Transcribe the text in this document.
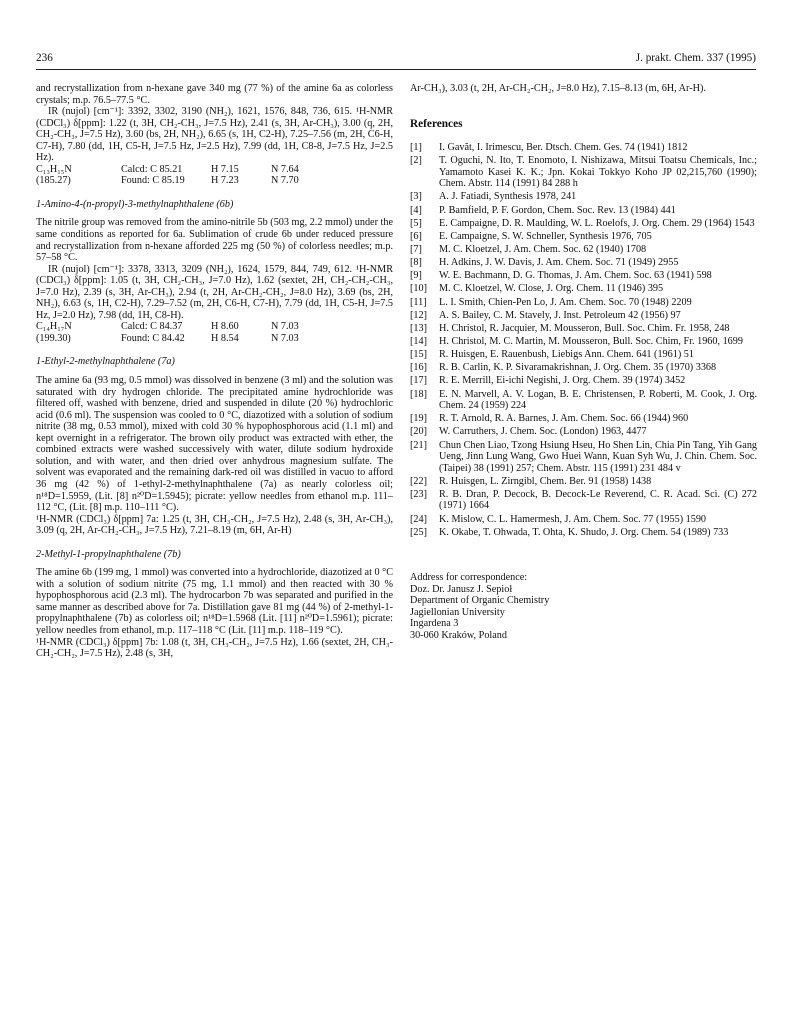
236	J. prakt. Chem. 337 (1995)

and recrystallization from n-hexane gave 340 mg (77 %) of the amine 6a as colorless crystals; m.p. 76.5–77.5 °C.

IR (nujol) [cm⁻¹]: 3392, 3302, 3190 (NH₂), 1621, 1576, 848, 736, 615. ¹H-NMR (CDCl₃) δ[ppm]: 1.22 (t, 3H, CH₂-CH₃, J=7.5 Hz), 2.41 (s, 3H, Ar-CH₃), 3.00 (q, 2H, CH₂-CH₃, J=7.5 Hz), 3.60 (bs, 2H, NH₂), 6.65 (s, 1H, C2-H), 7.25–7.56 (m, 2H, C6-H, C7-H), 7.80 (dd, 1H, C5-H, J=7.5 Hz, J=2.5 Hz), 7.99 (dd, 1H, C8-8, J=7.5 Hz, J=2.5 Hz).

C₁₃H₁₅N	Calcd: C 85.21	H 7.15	N 7.64
(185.27)	Found: C 85.19	H 7.23	N 7.70

1-Amino-4-(n-propyl)-3-methylnaphthalene (6b)

The nitrile group was removed from the amino-nitrile 5b (503 mg, 2.2 mmol) under the same conditions as reported for 6a. Sublimation of crude 6b under reduced pressure and recrystallization from n-hexane afforded 225 mg (50 %) of colorless needles; m.p. 57–58 °C.

IR (nujol) [cm⁻¹]: 3378, 3313, 3209 (NH₂), 1624, 1579, 844, 749, 612. ¹H-NMR (CDCl₃) δ[ppm]: 1.05 (t, 3H, CH₂-CH₃, J=7.0 Hz), 1.62 (sextet, 2H, CH₂-CH₂-CH₃, J=7.0 Hz), 2.39 (s, 3H, Ar-CH₃), 2.94 (t, 2H, Ar-CH₂-CH₂, J=8.0 Hz), 3.69 (bs, 2H, NH₂), 6.63 (s, 1H, C2-H), 7.29–7.52 (m, 2H, C6-H, C7-H), 7.79 (dd, 1H, C5-H, J=7.5 Hz, J=2.0 Hz), 7.98 (dd, 1H, C8-H).

C₁₄H₁₇N	Calcd: C 84.37	H 8.60	N 7.03
(199.30)	Found: C 84.42	H 8.54	N 7.03

1-Ethyl-2-methylnaphthalene (7a)

The amine 6a (93 mg, 0.5 mmol) was dissolved in benzene (3 ml) and the solution was saturated with dry hydrogen chloride. The precipitated amine hydrochloride was filtered off, washed with benzene, dried and suspended in dilute (20 %) hydrochloric acid (0.6 ml). The suspension was cooled to 0 °C, diazotized with a solution of sodium nitrite (38 mg, 0.53 mmol), mixed with cold 30 % hypophosphorous acid (1.1 ml) and kept overnight in a refrigerator. The brown oily product was extracted with ether, the combined extracts were washed successively with water, dilute sodium hydroxide solution, and with water, and then dried over anhydrous magnesium sulfate. The solvent was evaporated and the remaining dark-red oil was distilled in vacuo to afford 36 mg (42 %) of 1-ethyl-2-methylnaphthalene (7a) as nearly colorless oil; n¹⁸D=1.5959, (Lit. [8] n²⁰D=1.5945); picrate: yellow needles from ethanol m.p. 111–112 °C, (Lit. [8] m.p. 110–111 °C).

¹H-NMR (CDCl₃) δ[ppm] 7a: 1.25 (t, 3H, CH₃-CH₂, J=7.5 Hz), 2.48 (s, 3H, Ar-CH₃), 3.09 (q, 2H, Ar-CH₂-CH₃, J=7.5 Hz), 7.21–8.19 (m, 6H, Ar-H)

2-Methyl-1-propylnaphthalene (7b)

The amine 6b (199 mg, 1 mmol) was converted into a hydrochloride, diazotized at 0 °C with a solution of sodium nitrite (75 mg, 1.1 mmol) and then reacted with 30 % hypophosphorous acid (2.3 ml). The hydrocarbon 7b was separated and purified in the same manner as described above for 7a. Distillation gave 81 mg (44 %) of 2-methyl-1-propylnaphthalene (7b) as colorless oil; n¹⁸D=1.5968 (Lit. [11] n²⁰D=1.5961); picrate: yellow needles from ethanol, m.p. 117–118 °C (Lit. [11] m.p. 118–119 °C).

¹H-NMR (CDCl₃) δ[ppm] 7b: 1.08 (t, 3H, CH₃-CH₂, J=7.5 Hz), 1.66 (sextet, 2H, CH₃-CH₂-CH₂, J=7.5 Hz), 2.48 (s, 3H,

Ar-CH₃), 3.03 (t, 2H, Ar-CH₂-CH₂, J=8.0 Hz), 7.15–8.13 (m, 6H, Ar-H).

References

[1]	I. Gavăt, I. Irimescu, Ber. Dtsch. Chem. Ges. 74 (1941) 1812
[2]	T. Oguchi, N. Ito, T. Enomoto, I. Nishizawa, Mitsui Toatsu Chemicals, Inc.; Yamamoto Kasei K. K.; Jpn. Kokai Tokkyo Koho JP 02,215,760 (1990); Chem. Abstr. 114 (1991) 84 288 h
[3]	A. J. Fatiadi, Synthesis 1978, 241
[4]	P. Bamfield, P. F. Gordon, Chem. Soc. Rev. 13 (1984) 441
[5]	E. Campaigne, D. R. Maulding, W. L. Roelofs, J. Org. Chem. 29 (1964) 1543
[6]	E. Campaigne, S. W. Schneller, Synthesis 1976, 705
[7]	M. C. Kloetzel, J. Am. Chem. Soc. 62 (1940) 1708
[8]	H. Adkins, J. W. Davis, J. Am. Chem. Soc. 71 (1949) 2955
[9]	W. E. Bachmann, D. G. Thomas, J. Am. Chem. Soc. 63 (1941) 598
[10]	M. C. Kloetzel, W. Close, J. Org. Chem. 11 (1946) 395
[11]	L. I. Smith, Chien-Pen Lo, J. Am. Chem. Soc. 70 (1948) 2209
[12]	A. S. Bailey, C. M. Stavely, J. Inst. Petroleum 42 (1956) 97
[13]	H. Christol, R. Jacquier, M. Mousseron, Bull. Soc. Chim. Fr. 1958, 248
[14]	H. Christol, M. C. Martin, M. Mousseron, Bull. Soc. Chim, Fr. 1960, 1699
[15]	R. Huisgen, E. Rauenbush, Liebigs Ann. Chem. 641 (1961) 51
[16]	R. B. Carlin, K. P. Sivaramakrishnan, J. Org. Chem. 35 (1970) 3368
[17]	R. E. Merrill, Ei-ichi Negishi, J. Org. Chem. 39 (1974) 3452
[18]	E. N. Marvell, A. V. Logan, B. E. Christensen, P. Roberti, M. Cook, J. Org. Chem. 24 (1959) 224
[19]	R. T. Arnold, R. A. Barnes, J. Am. Chem. Soc. 66 (1944) 960
[20]	W. Carruthers, J. Chem. Soc. (London) 1963, 4477
[21]	Chun Chen Liao, Tzong Hsiung Hseu, Ho Shen Lin, Chia Pin Tang, Yih Gang Ueng, Jinn Lung Wang, Gwo Huei Wann, Kuan Syh Wu, J. Chin. Chem. Soc. (Taipei) 38 (1991) 257; Chem. Abstr. 115 (1991) 231 484 v
[22]	R. Huisgen, L. Zirngibl, Chem. Ber. 91 (1958) 1438
[23]	R. B. Dran, P. Decock, B. Decock-Le Reverend, C. R. Acad. Sci. (C) 272 (1971) 1664
[24]	K. Mislow, C. L. Hamermesh, J. Am. Chem. Soc. 77 (1955) 1590
[25]	K. Okabe, T. Ohwada, T. Ohta, K. Shudo, J. Org. Chem. 54 (1989) 733

Address for correspondence:

Doz. Dr. Janusz J. Sepioł

Department of Organic Chemistry

Jagiellonian University

Ingardena 3

30-060 Kraków, Poland
